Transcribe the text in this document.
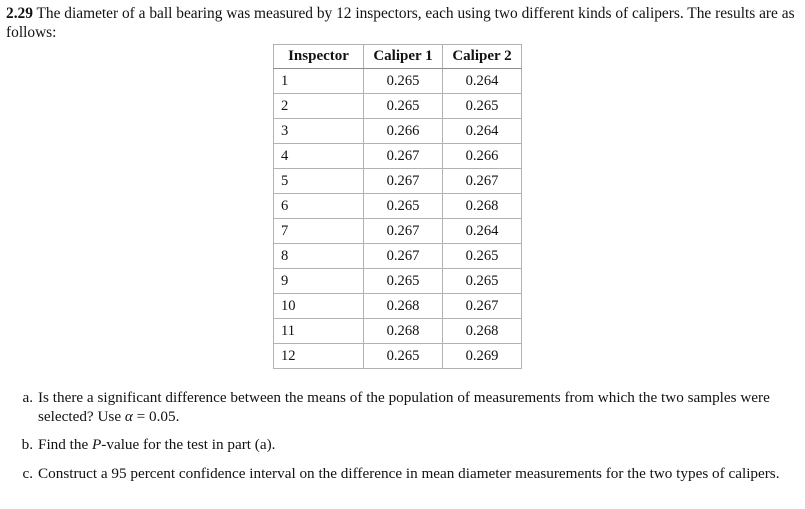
2.29 The diameter of a ball bearing was measured by 12 inspectors, each using two different kinds of calipers. The results are as follows:
Inspector	Caliper 1	Caliper 2
1	0.265	0.264
2	0.265	0.265
3	0.266	0.264
4	0.267	0.266
5	0.267	0.267
6	0.265	0.268
7	0.267	0.264
8	0.267	0.265
9	0.265	0.265
10	0.268	0.267
11	0.268	0.268
12	0.265	0.269
a. Is there a significant difference between the means of the population of measurements from which the two samples were selected? Use α = 0.05.
b. Find the P-value for the test in part (a).
c. Construct a 95 percent confidence interval on the difference in mean diameter measurements for the two types of calipers.
